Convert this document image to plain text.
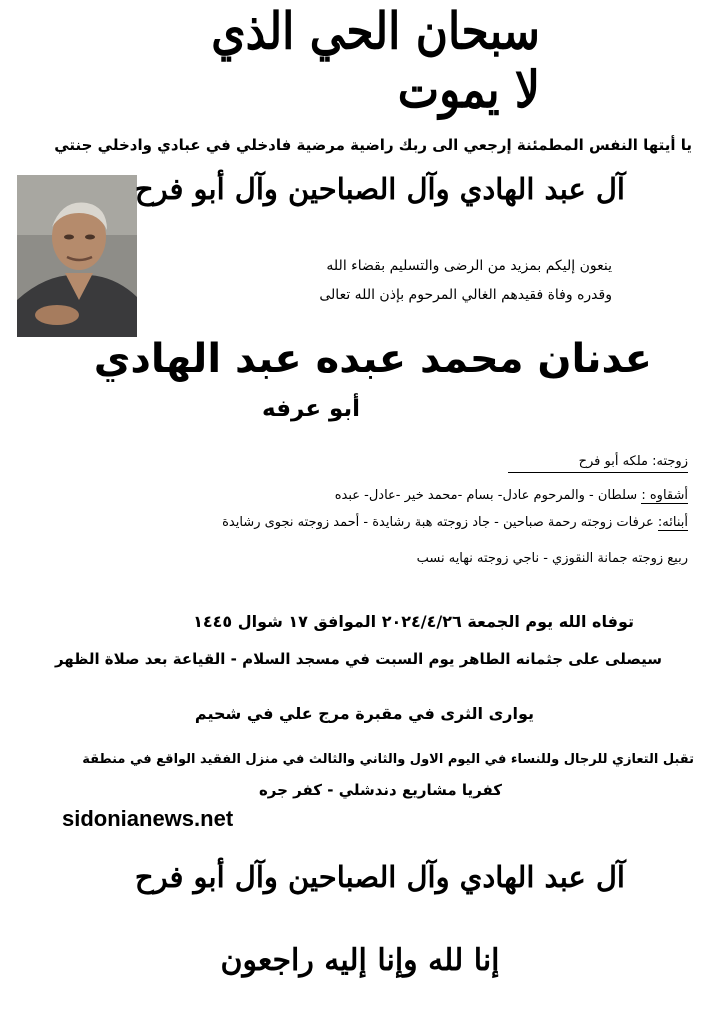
سبحان الحي الذي لا يموت
يا أيتها النفس المطمئنة إرجعي الى ربك راضية مرضية فادخلي في عبادي وادخلي جنتي
آل عبد الهادي وآل الصباحين وآل أبو فرح
ينعون إليكم بمزيد من الرضى والتسليم بقضاء الله
وقدره وفاة فقيدهم الغالي المرحوم بإذن الله تعالى
عدنان محمد عبده عبد الهادي
أبو عرفه
زوجته: ملكه أبو فرح
أشقاوه : سلطان - والمرحوم عادل- بسام -محمد خير -عادل- عبده
أبنائه: عرفات زوجته رحمة صباحين - جاد زوجته هبة رشايدة - أحمد زوجته نجوى رشايدة
ربيع زوجته جمانة النقوزي - ناجي زوجته نهايه نسب
توفاه الله يوم الجمعة ٢٠٢٤/٤/٢٦ الموافق ١٧ شوال ١٤٤٥
سيصلى على جثمانه الطاهر يوم السبت في مسجد السلام - القياعة بعد صلاة الظهر
يوارى الثرى في مقبرة مرج علي في شحيم
تقبل التعازي للرجال وللنساء في اليوم الاول والثاني والثالث في منزل الفقيد الواقع في منطقة
كفريا مشاريع دندشلي - كفر جره
sidonianews.net
آل عبد الهادي وآل الصباحين وآل أبو فرح
إنا لله وإنا إليه راجعون
